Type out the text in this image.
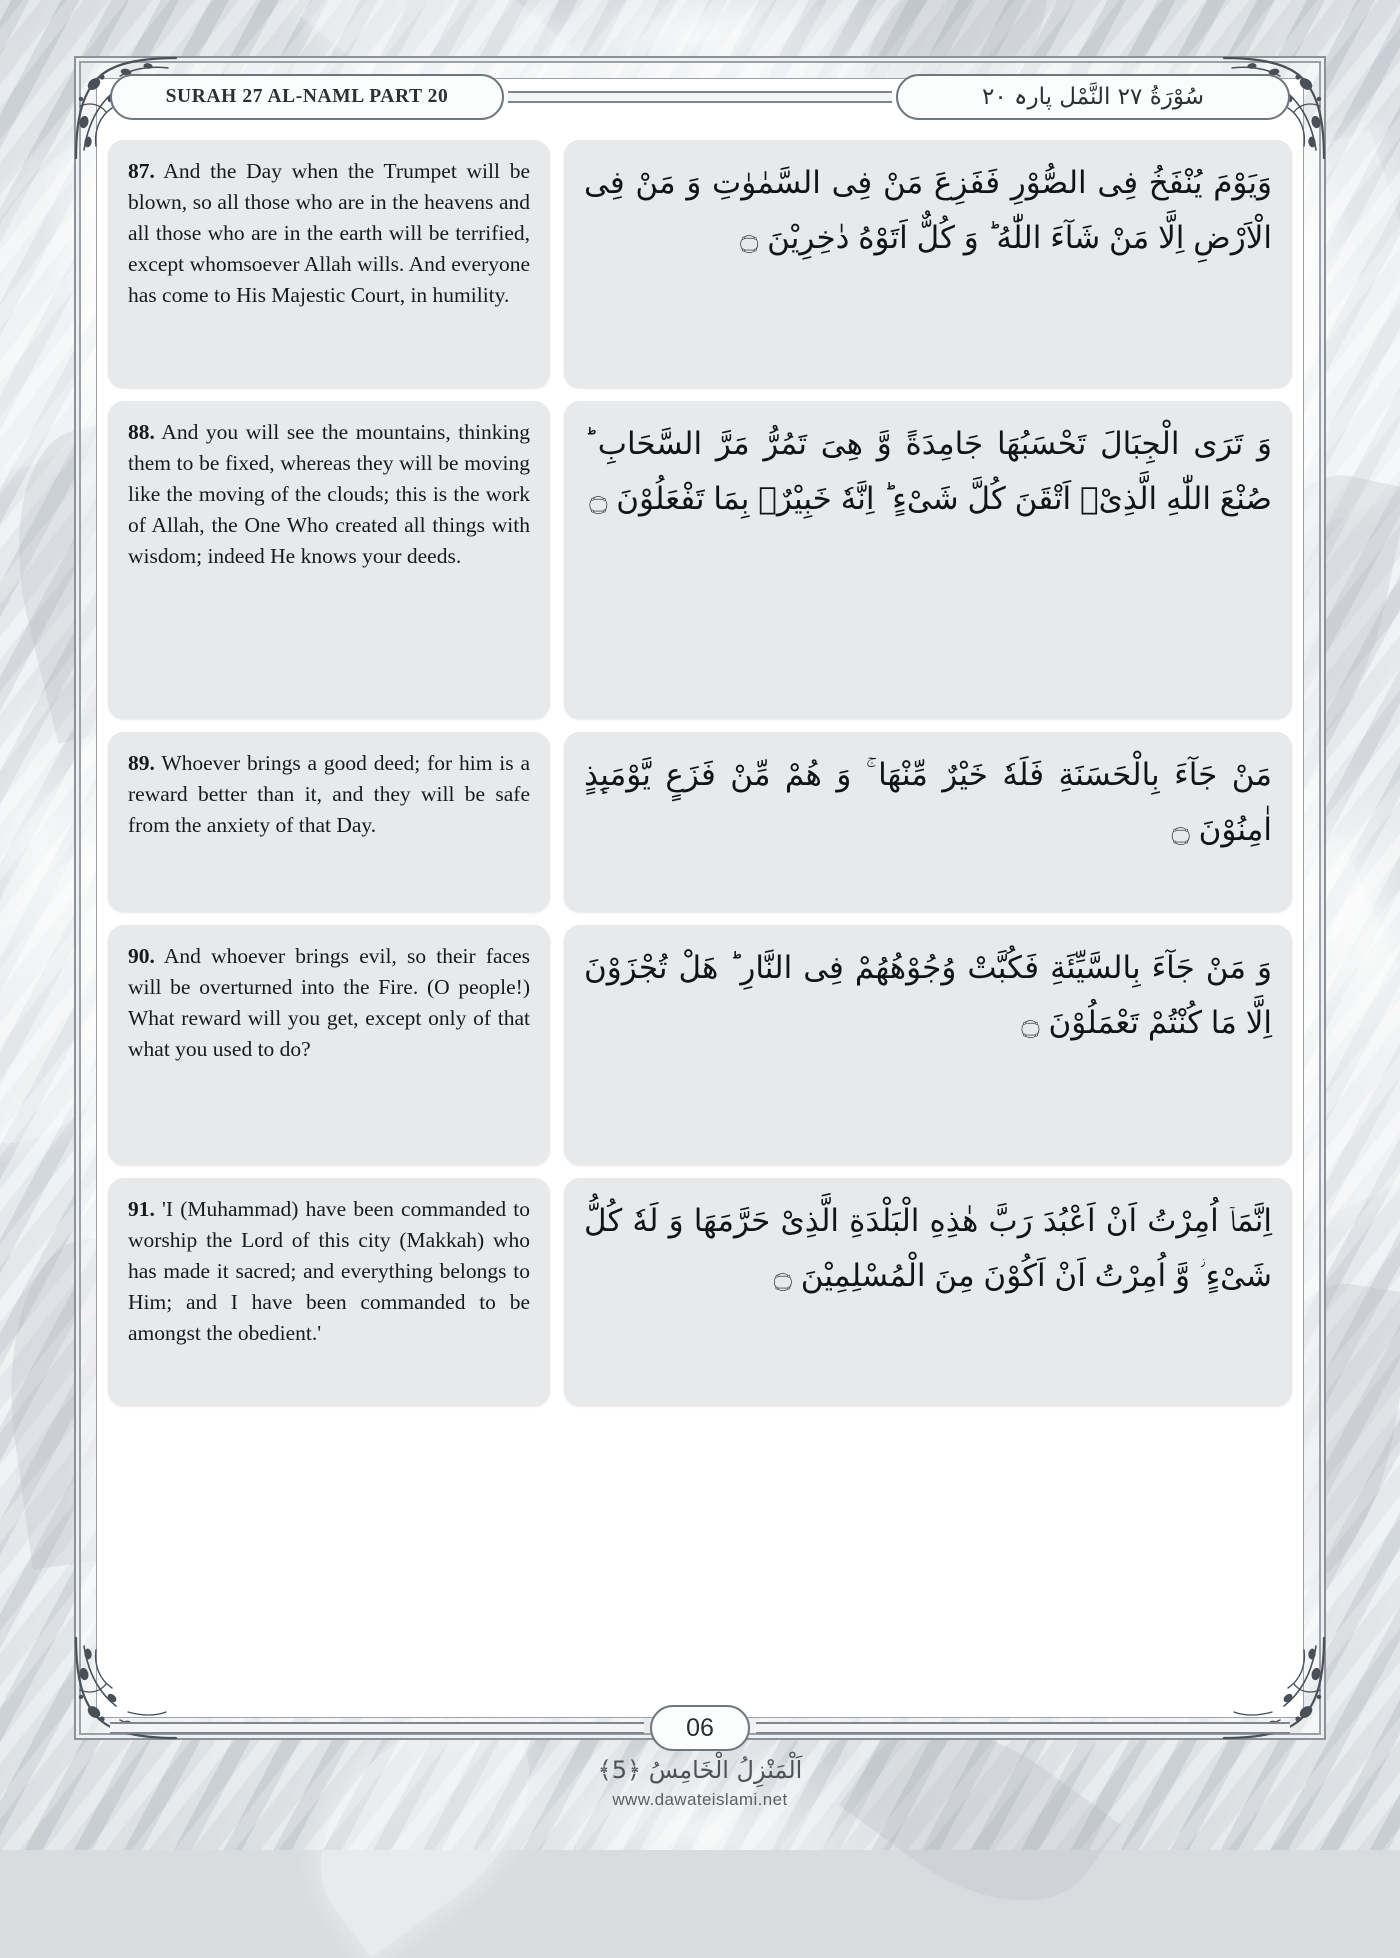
SURAH 27 AL-NAML PART 20	سُوْرَةُ ٢٧ النَّمْل پارہ ٢٠
87. And the Day when the Trumpet will be blown, so all those who are in the heavens and all those who are in the earth will be terrified, except whomsoever Allah wills. And everyone has come to His Majestic Court, in humility.
وَیَوْمَ یُنْفَخُ فِی الصُّوْرِ فَفَزِعَ مَنْ فِی السَّمٰوٰتِ وَ مَنْ فِی الْاَرْضِ اِلَّا مَنْ شَآءَ اللّٰهُ ؕ وَ كُلٌّ اَتَوْهُ دٰخِرِیْنَ ۝
88. And you will see the mountains, thinking them to be fixed, whereas they will be moving like the moving of the clouds; this is the work of Allah, the One Who created all things with wisdom; indeed He knows your deeds.
وَ تَرَى الْجِبَالَ تَحْسَبُهَا جَامِدَةً وَّ هِیَ تَمُرُّ مَرَّ السَّحَابِ ؕ صُنْعَ اللّٰهِ الَّذِیْۤ اَتْقَنَ كُلَّ شَیْءٍ ؕ اِنَّهٗ خَبِیْرٌۢ بِمَا تَفْعَلُوْنَ ۝
89. Whoever brings a good deed; for him is a reward better than it, and they will be safe from the anxiety of that Day.
مَنْ جَآءَ بِالْحَسَنَةِ فَلَهٗ خَیْرٌ مِّنْهَا ۚ وَ هُمْ مِّنْ فَزَعٍ یَّوْمَىِٕذٍ اٰمِنُوْنَ ۝
90. And whoever brings evil, so their faces will be overturned into the Fire. (O people!) What reward will you get, except only of that what you used to do?
وَ مَنْ جَآءَ بِالسَّیِّئَةِ فَكُبَّتْ وُجُوْهُهُمْ فِی النَّارِ ؕ هَلْ تُجْزَوْنَ اِلَّا مَا كُنْتُمْ تَعْمَلُوْنَ ۝
91. 'I (Muhammad) have been commanded to worship the Lord of this city (Makkah) who has made it sacred; and everything belongs to Him; and I have been commanded to be amongst the obedient.'
اِنَّمَاۤ اُمِرْتُ اَنْ اَعْبُدَ رَبَّ هٰذِهِ الْبَلْدَةِ الَّذِیْ حَرَّمَهَا وَ لَهٗ كُلُّ شَیْءٍ ؗ وَّ اُمِرْتُ اَنْ اَكُوْنَ مِنَ الْمُسْلِمِیْنَ ۝
06
اَلْمَنْزِلُ الْخَامِسُ ﴿5﴾
www.dawateislami.net
